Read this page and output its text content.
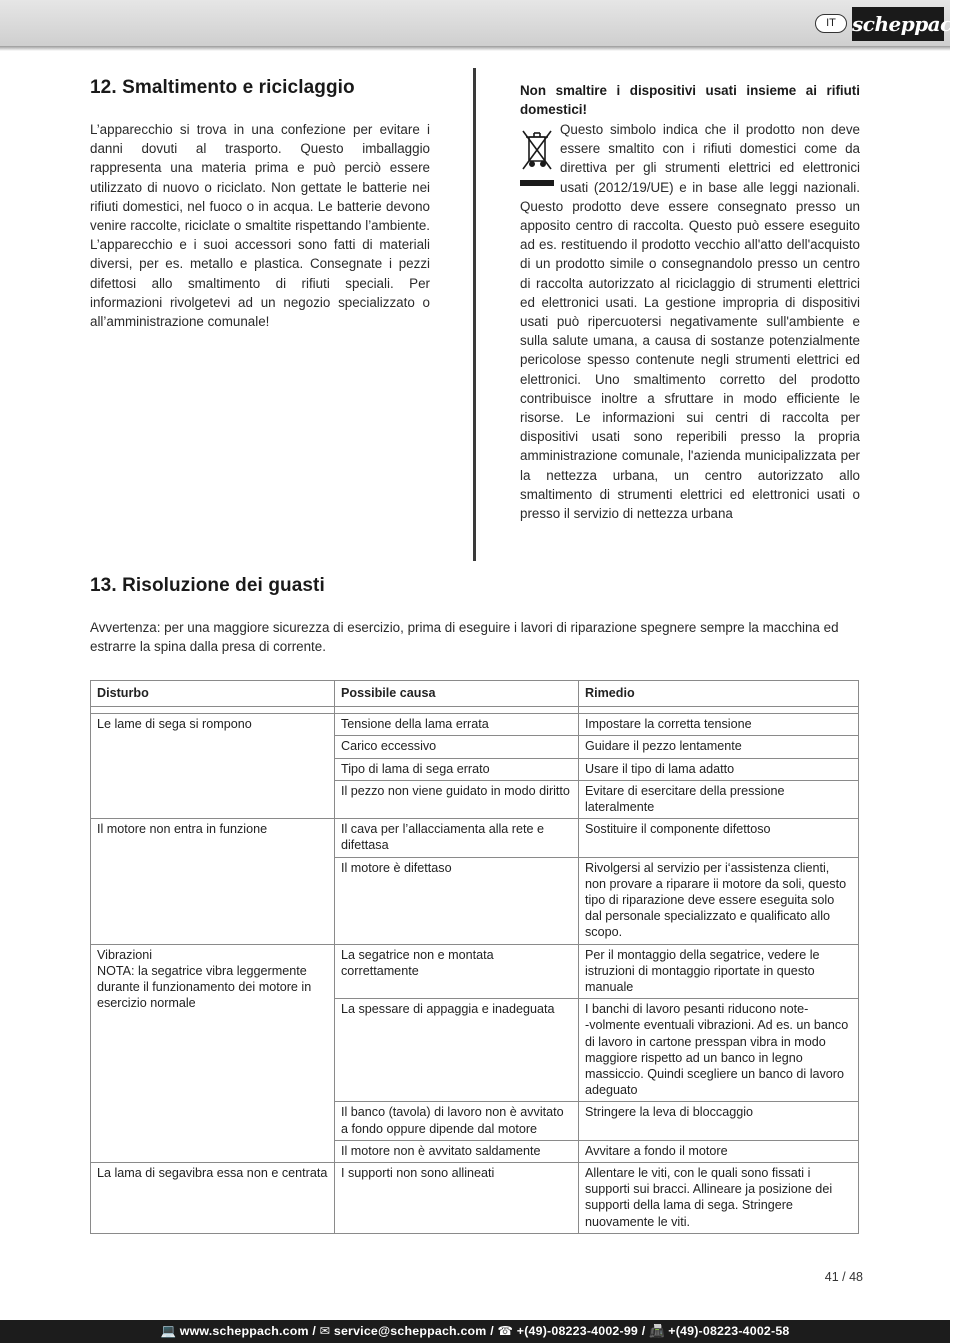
IT scheppach
12. Smaltimento e riciclaggio

L’apparecchio si trova in una confezione per evitare i danni dovuti al trasporto. Questo imballaggio rappresenta una materia prima e può perciò essere utilizzato di nuovo o riciclato. Non gettate le batterie nei rifiuti domestici, nel fuoco o in acqua. Le batterie devono venire raccolte, riciclate o smaltite rispettando l’ambiente. L’apparecchio e i suoi accessori sono fatti di materiali diversi, per es. metallo e plastica. Consegnate i pezzi difettosi allo smaltimento di rifiuti speciali. Per informazioni rivolgetevi ad un negozio specializzato o all’amministrazione comunale!

Non smaltire i dispositivi usati insieme ai rifiuti domestici!
Questo simbolo indica che il prodotto non deve essere smaltito con i rifiuti domestici come da direttiva per gli strumenti elettrici ed elettronici usati (2012/19/UE) e in base alle leggi nazionali. Questo prodotto deve essere consegnato presso un apposito centro di raccolta. Questo può essere eseguito ad es. restituendo il prodotto vecchio all'atto dell'acquisto di un prodotto simile o consegnandolo presso un centro di raccolta autorizzato al riciclaggio di strumenti elettrici ed elettronici usati. La gestione impropria di dispositivi usati può ripercuotersi negativamente sull'ambiente e sulla salute umana, a causa di sostanze potenzialmente pericolose spesso contenute negli strumenti elettrici ed elettronici. Uno smaltimento corretto del prodotto contribuisce inoltre a sfruttare in modo efficiente le risorse. Le informazioni sui centri di raccolta per dispositivi usati sono reperibili presso la propria amministrazione comunale, l'azienda municipalizzata per la nettezza urbana, un centro autorizzato allo smaltimento di strumenti elettrici ed elettronici usati o presso il servizio di nettezza urbana
13. Risoluzione dei guasti

Avvertenza: per una maggiore sicurezza di esercizio, prima di eseguire i lavori di riparazione spegnere sempre la macchina ed estrarre la spina dalla presa di corrente.

Disturbo	Possibile causa	Rimedio

Le lame di sega si rompono	Tensione della lama errata	Impostare la corretta tensione
	Carico eccessivo	Guidare il pezzo lentamente
	Tipo di lama di sega errato	Usare il tipo di lama adatto
	Il pezzo non viene guidato in modo diritto	Evitare di esercitare della pressione lateralmente
Il motore non entra in funzione	Il cava per l’allacciamenta alla rete e difettasa	Sostituire il componente difettoso
	Il motore è difettaso	Rivolgersi al servizio per i‘assistenza clienti, non provare a riparare ii motore da soli, questo tipo di riparazione deve essere eseguita solo dal personale specializzato e qualificato allo scopo.
Vibrazioni
NOTA: la segatrice vibra leggermente durante il funzionamento dei motore in esercizio normale	La segatrice non e montata correttamente	Per il montaggio della segatrice, vedere le istruzioni di montaggio riportate in questo manuale
	La spessare di appaggia e inadeguata	I banchi di lavoro pesanti riducono note-
-volmente eventuali vibrazioni. Ad es. un banco di lavoro in cartone presspan vibra in modo maggiore rispetto ad un banco in legno massiccio. Quindi scegliere un banco di lavoro adeguato
	Il banco (tavola) di lavoro non è avvitato a fondo oppure dipende dal motore	Stringere la leva di bloccaggio
	Il motore non è avvitato saldamente	Avvitare a fondo il motore
La lama di segavibra essa non e centrata	I supporti non sono allineati	Allentare le viti, con le quali sono fissati i supporti sui bracci. Allineare ja posizione dei supporti della lama di sega. Stringere nuovamente le viti.
41 / 48
💻 www.scheppach.com / ✉ service@scheppach.com / ☎ +(49)-08223-4002-99 / 📠 +(49)-08223-4002-58
